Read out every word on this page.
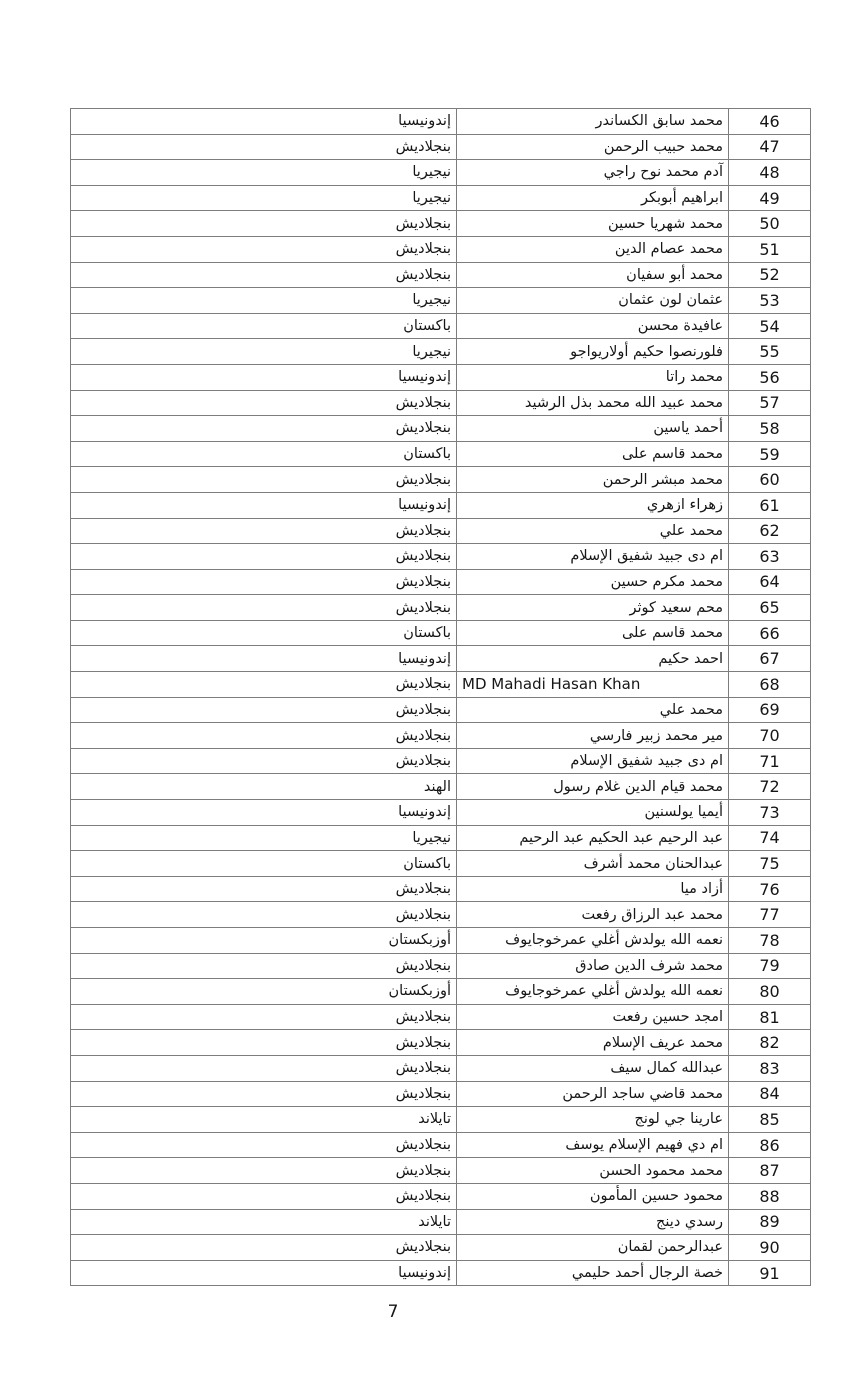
46	محمد سابق الكساندر	إندونيسيا
47	محمد حبيب الرحمن	بنجلاديش
48	آدم محمد نوح راجي	نيجيريا
49	ابراهيم أبوبكر	نيجيريا
50	محمد شهريا حسين	بنجلاديش
51	محمد عصام الدين	بنجلاديش
52	محمد أبو سفيان	بنجلاديش
53	عثمان لون عثمان	نيجيريا
54	عافيدة محسن	باكستان
55	فلورنصوا حكيم أولاريواجو	نيجيريا
56	محمد راتا	إندونيسيا
57	محمد عبيد الله محمد بذل الرشيد	بنجلاديش
58	أحمد ياسين	بنجلاديش
59	محمد قاسم على	باكستان
60	محمد مبشر الرحمن	بنجلاديش
61	زهراء ازهري	إندونيسيا
62	محمد علي	بنجلاديش
63	ام دى جبيد شفيق الإسلام	بنجلاديش
64	محمد مكرم حسين	بنجلاديش
65	محم سعيد كوثر	بنجلاديش
66	محمد قاسم على	باكستان
67	احمد حكيم	إندونيسيا
68	MD Mahadi Hasan Khan	بنجلاديش
69	محمد علي	بنجلاديش
70	مير محمد زبير فارسي	بنجلاديش
71	ام دى جبيد شفيق الإسلام	بنجلاديش
72	محمد قيام الدين غلام رسول	الهند
73	أيميا يولسنين	إندونيسيا
74	عبد الرحيم عبد الحكيم عبد الرحيم	نيجيريا
75	عبدالحنان محمد أشرف	باكستان
76	أزاد ميا	بنجلاديش
77	محمد عبد الرزاق رفعت	بنجلاديش
78	نعمه الله يولدش أغلي عمرخوجايوف	أوزبكستان
79	محمد شرف الدين صادق	بنجلاديش
80	نعمه الله يولدش أغلي عمرخوجايوف	أوزبكستان
81	امجد حسين رفعت	بنجلاديش
82	محمد عريف الإسلام	بنجلاديش
83	عبدالله كمال سيف	بنجلاديش
84	محمد قاضي ساجد الرحمن	بنجلاديش
85	عارينا جي لونج	تايلاند
86	ام دي فهيم الإسلام يوسف	بنجلاديش
87	محمد محمود الحسن	بنجلاديش
88	محمود حسين المأمون	بنجلاديش
89	رسدي دينج	تايلاند
90	عبدالرحمن لقمان	بنجلاديش
91	خصة الرجال أحمد حليمي	إندونيسيا
7
